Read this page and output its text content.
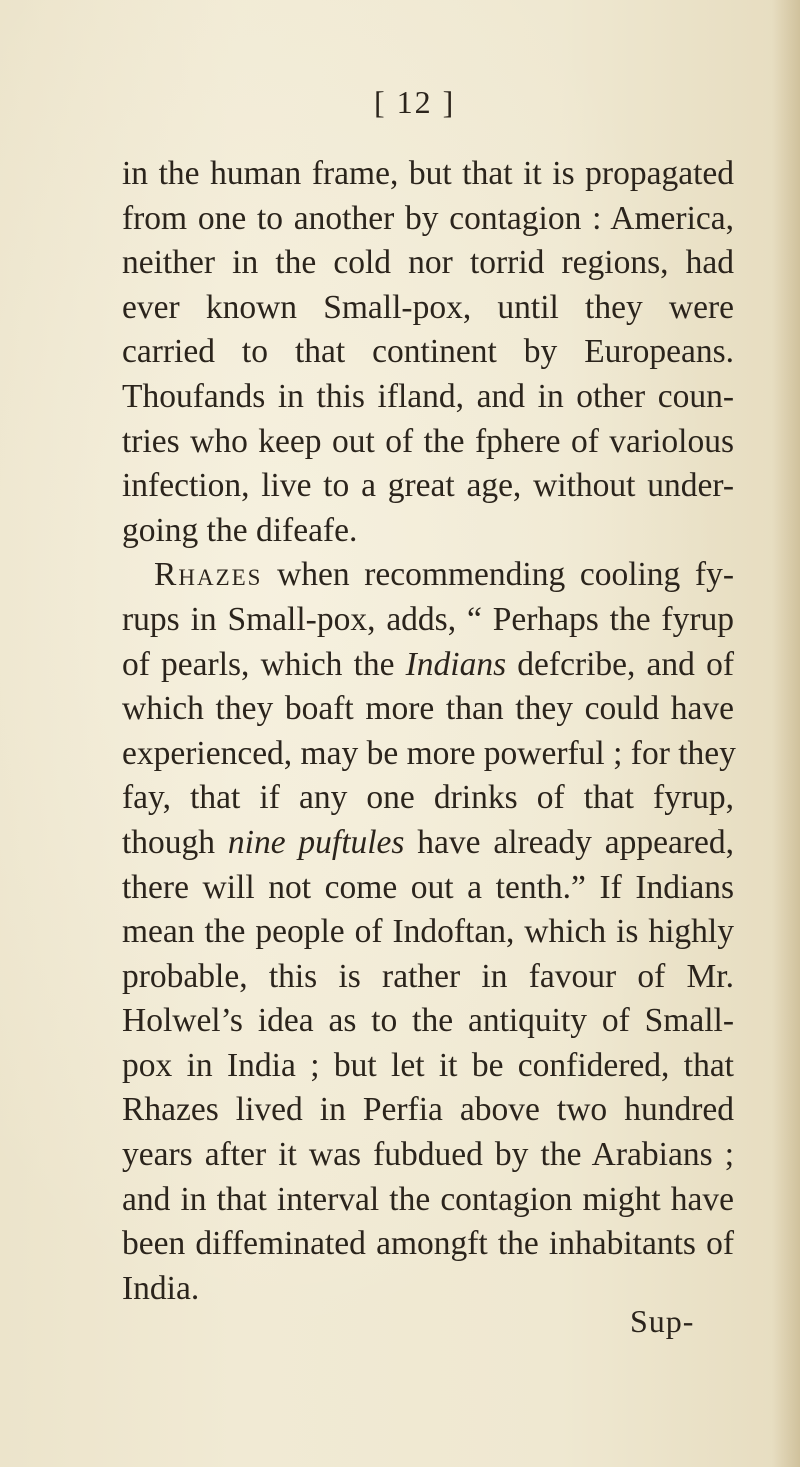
[ 12 ]
in the human frame, but that it is propagated
from one to another by contagion : America,
neither in the cold nor torrid regions, had
ever known Small-pox, until they were
carried to that continent by Europeans.
Thoufands in this ifland, and in other coun-
tries who keep out of the fphere of variolous
infection, live to a great age, without under-
going the difeafe.
Rhazes when recommending cooling fy-
rups in Small-pox, adds, “ Perhaps the fyrup
of pearls, which the Indians defcribe, and of
which they boaft more than they could have
experienced, may be more powerful ; for they
fay, that if any one drinks of that fyrup,
though nine puftules have already appeared,
there will not come out a tenth.” If Indians
mean the people of Indoftan, which is highly
probable, this is rather in favour of Mr.
Holwel’s idea as to the antiquity of Small-
pox in India ; but let it be confidered, that
Rhazes lived in Perfia above two hundred
years after it was fubdued by the Arabians ;
and in that interval the contagion might have
been diffeminated amongft the inhabitants of
India.
Sup-
